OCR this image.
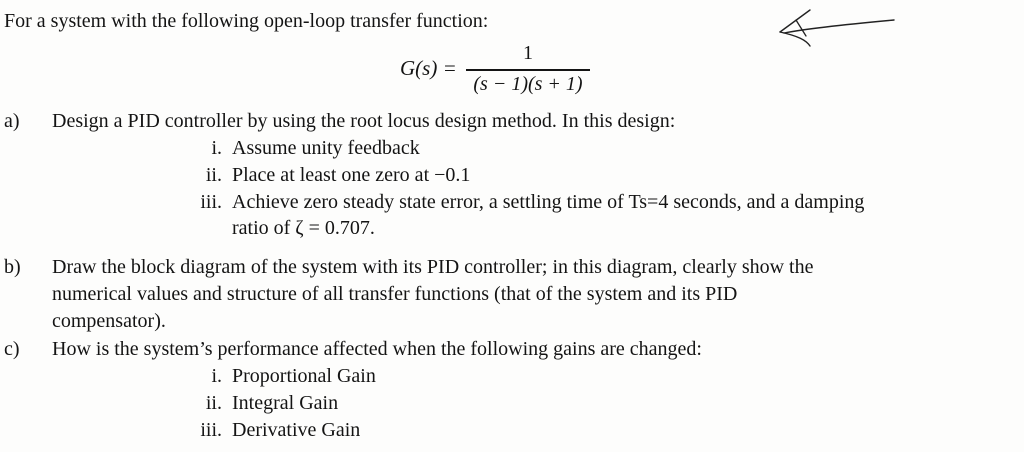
For a system with the following open-loop transfer function:
G(s) =
1
(s − 1)(s + 1)
a) Design a PID controller by using the root locus design method. In this design:
i. Assume unity feedback
ii. Place at least one zero at −0.1
iii. Achieve zero steady state error, a settling time of Ts=4 seconds, and a damping
ratio of ζ = 0.707.
b) Draw the block diagram of the system with its PID controller; in this diagram, clearly show the
numerical values and structure of all transfer functions (that of the system and its PID
compensator).
c) How is the system’s performance affected when the following gains are changed:
i. Proportional Gain
ii. Integral Gain
iii. Derivative Gain
